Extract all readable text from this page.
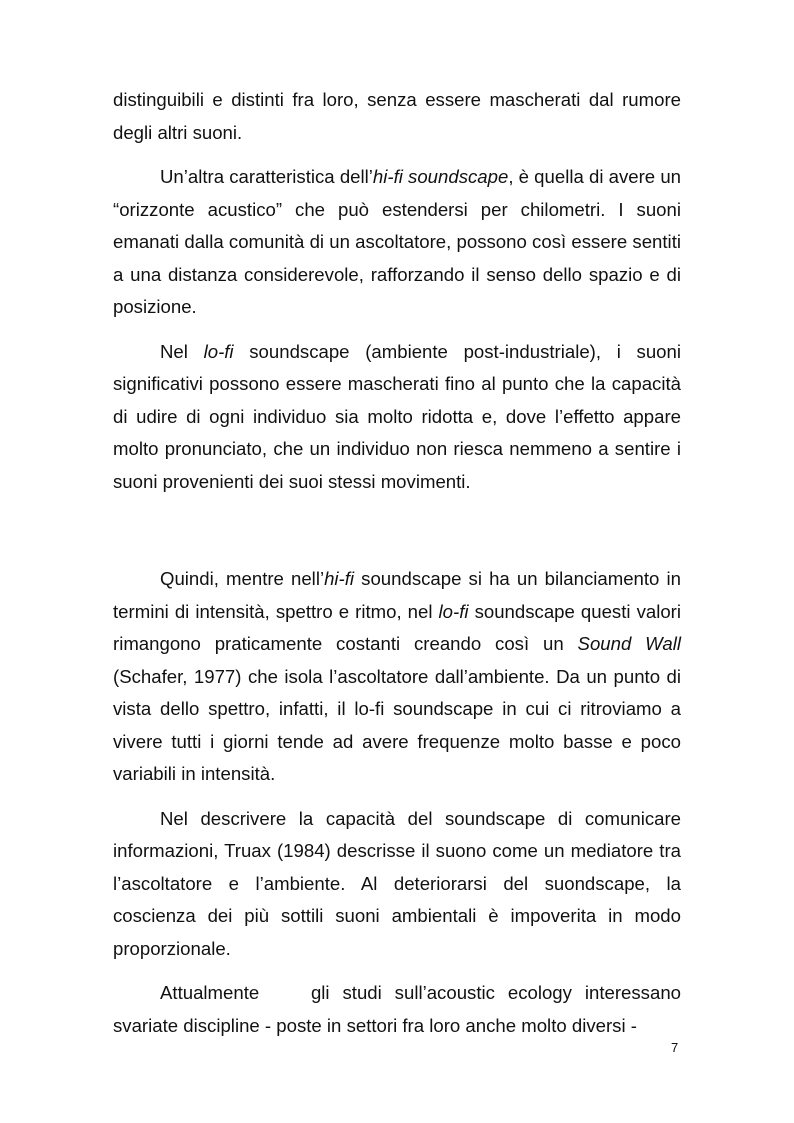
distinguibili e distinti fra loro, senza essere mascherati dal rumore degli altri suoni.

Un’altra caratteristica dell’hi-fi soundscape, è quella di avere un “orizzonte acustico” che può estendersi per chilometri. I suoni emanati dalla comunità di un ascoltatore, possono così essere sentiti a una distanza considerevole, rafforzando il senso dello spazio e di posizione.

Nel lo-fi soundscape (ambiente post-industriale), i suoni significativi possono essere mascherati fino al punto che la capacità di udire di ogni individuo sia molto ridotta e, dove l’effetto appare molto pronunciato, che un individuo non riesca nemmeno a sentire i suoni provenienti dei suoi stessi movimenti.

Quindi, mentre nell’hi-fi soundscape si ha un bilanciamento in termini di intensità, spettro e ritmo, nel lo-fi soundscape questi valori rimangono praticamente costanti creando così un Sound Wall (Schafer, 1977) che isola l’ascoltatore dall’ambiente. Da un punto di vista dello spettro, infatti, il lo-fi soundscape in cui ci ritroviamo a vivere tutti i giorni tende ad avere frequenze molto basse e poco variabili in intensità.

Nel descrivere la capacità del soundscape di comunicare informazioni, Truax (1984) descrisse il suono come un mediatore tra l’ascoltatore e l’ambiente. Al deteriorarsi del suondscape, la coscienza dei più sottili suoni ambientali è impoverita in modo proporzionale.

Attualmente    gli studi sull’acoustic ecology interessano svariate discipline - poste in settori fra loro anche molto diversi -

7
